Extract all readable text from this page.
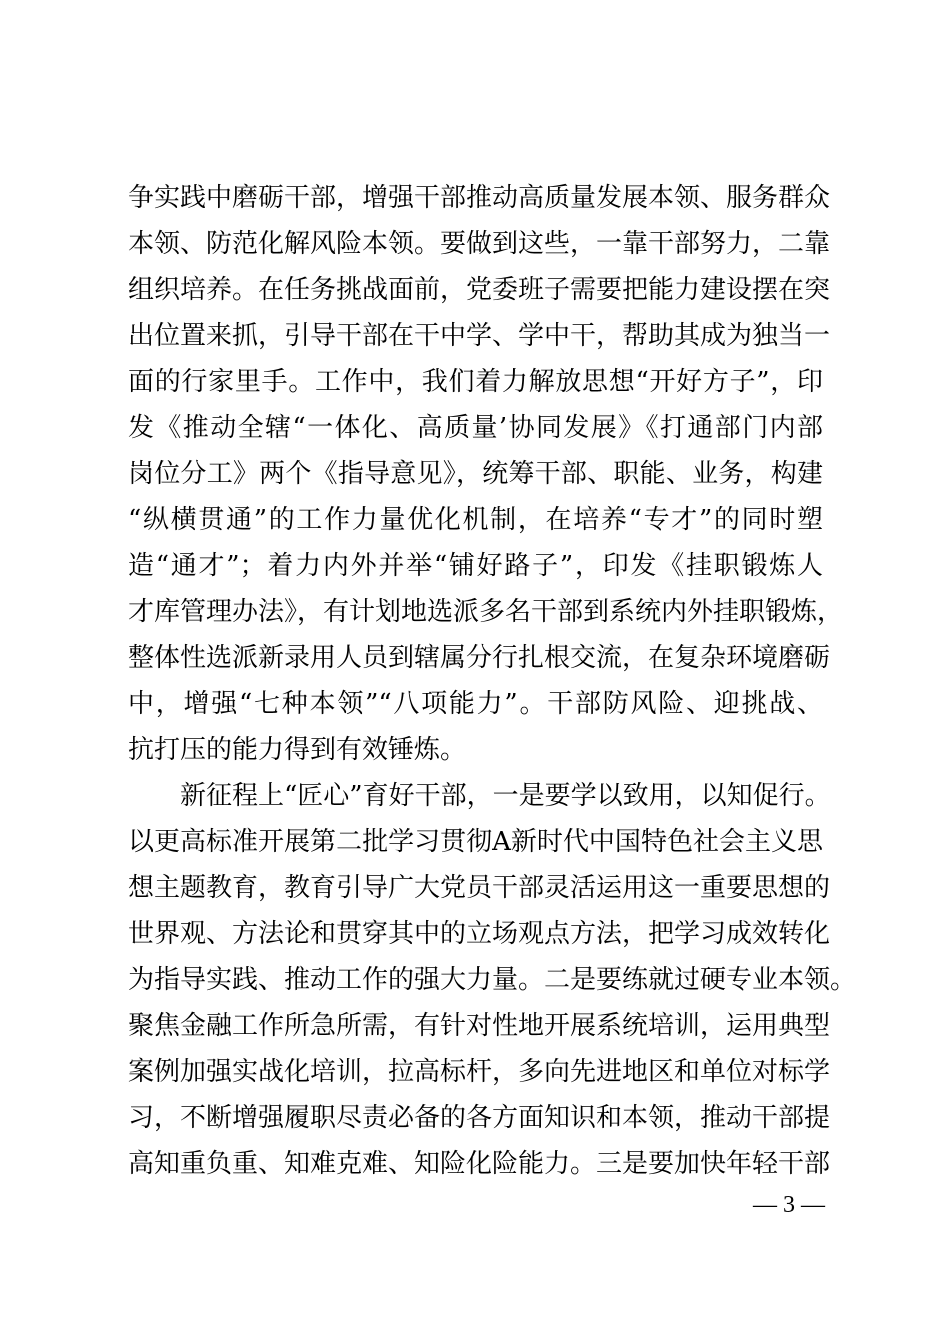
争实践中磨砺干部，增强干部推动高质量发展本领、服务群众
本领、防范化解风险本领。要做到这些，一靠干部努力，二靠
组织培养。在任务挑战面前，党委班子需要把能力建设摆在突
出位置来抓，引导干部在干中学、学中干，帮助其成为独当一
面的行家里手。工作中，我们着力解放思想“开好方子”，印
发《推动全辖“一体化、高质量’协同发展》《打通部门内部
岗位分工》两个《指导意见》，统筹干部、职能、业务，构建
“纵横贯通”的工作力量优化机制，在培养“专才”的同时塑
造“通才”；着力内外并举“铺好路子”，印发《挂职锻炼人
才库管理办法》，有计划地选派多名干部到系统内外挂职锻炼，
整体性选派新录用人员到辖属分行扎根交流，在复杂环境磨砺
中，增强“七种本领”“八项能力”。干部防风险、迎挑战、
抗打压的能力得到有效锤炼。
新征程上“匠心”育好干部，一是要学以致用，以知促行。
以更高标准开展第二批学习贯彻A新时代中国特色社会主义思
想主题教育，教育引导广大党员干部灵活运用这一重要思想的
世界观、方法论和贯穿其中的立场观点方法，把学习成效转化
为指导实践、推动工作的强大力量。二是要练就过硬专业本领。
聚焦金融工作所急所需，有针对性地开展系统培训，运用典型
案例加强实战化培训，拉高标杆，多向先进地区和单位对标学
习，不断增强履职尽责必备的各方面知识和本领，推动干部提
高知重负重、知难克难、知险化险能力。三是要加快年轻干部
— 3 —
